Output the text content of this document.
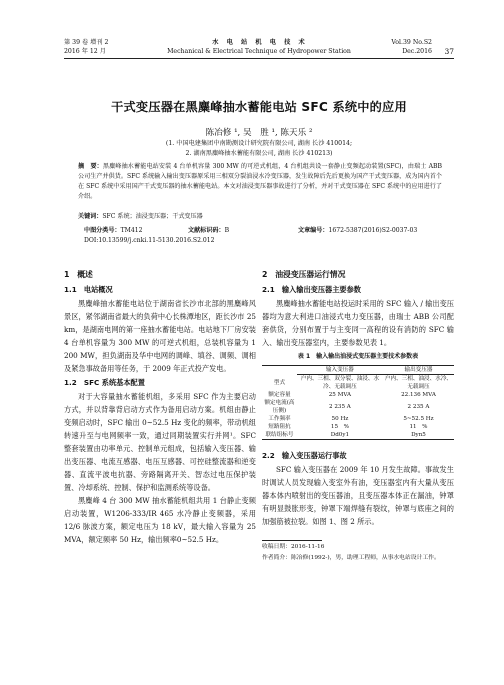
第 39 卷 增刊 2	水　电　站　机　电　技　术	Vol.39 No.S2
2016 年 12 月	Mechanical & Electrical Technique of Hydropower Station	Dec.2016 37
干式变压器在黑麋峰抽水蓄能电站 SFC 系统中的应用
陈冶修 ¹, 吴　胜 ¹, 陈天乐 ²
(1. 中国电建集团中南勘测设计研究院有限公司, 湖南 长沙 410014;
2. 湖南黑麋峰抽水蓄能有限公司, 湖南 长沙 410213)
摘　要：黑麋峰抽水蓄能电站安装 4 台单机容量 300 MW 的可逆式机组，4 台机组共设一套静止变频起动装置(SFC)，由瑞士 ABB 公司生产并供货。SFC 系统输入输出变压器原采用三相双分裂油浸水冷变压器，发生故障后先后更换为国产干式变压器，成为国内首个在 SFC 系统中采用国产干式变压器的抽水蓄能电站。本文对油浸变压器事故进行了分析，并对干式变压器在 SFC 系统中的应用进行了介绍。
关键词：SFC 系统；油浸变压器；干式变压器
中图分类号：TM412	文献标识码：B	文章编号：1672-5387(2016)S2-0037-03
DOI:10.13599/j.cnki.11-5130.2016.S2.012
1　概述
1.1　电站概况
黑麋峰抽水蓄能电站位于湖南省长沙市北部的黑麋峰风景区，紧邻湖南省最大的负荷中心长株潭地区，距长沙市 25 km，是湖南电网的第一座抽水蓄能电站。电站地下厂房安装 4 台单机容量为 300 MW 的可逆式机组，总装机容量为 1 200 MW，担负湖南及华中电网的调峰、填谷、调频、调相及紧急事故备用等任务，于 2009 年正式投产发电。
1.2　SFC 系统基本配置
对于大容量抽水蓄能机组，多采用 SFC 作为主要启动方式，并以背靠背启动方式作为备用启动方案。机组由静止变频启动时，SFC 输出 0~52.5 Hz 变化的频率，带动机组转速升至与电网频率一致，通过同期装置实行并网¹。SFC 整套装置由功率单元、控制单元组成，包括输入变压器、输出变压器、电流互感器、电压互感器、可控硅整流器和逆变器、直流平波电抗器、旁路隔离开关、智态过电压保护装置、冷却系统、控制、保护和监测系统等设备。
黑麋峰 4 台 300 MW 抽水蓄能机组共用 1 台静止变频启动装置，W1206-333/IR 465 水冷静止变频器，采用 12/6 脉波方案，额定电压为 18 kV，最大输入容量为 25 MVA，额定频率 50 Hz，输出频率0~52.5 Hz。
2　油浸变压器运行情况
2.1　输入输出变压器主要参数
黑麋峰抽水蓄能电站投运时采用的 SFC 输入 / 输出变压器均为意大利进口油浸式电力变压器，由瑞士 ABB 公司配套供货，分别布置于与主变同一高程的设有消防的 SFC 输入、输出变压器室内，主要参数见表 1。
表 1　输入输出油浸式变压器主要技术参数表
	输入变压器	输出变压器
型式	户内、三相、双分裂、油浸、水冷、无载调压	户内、三相、油浸、水冷、无载调压
额定容量	25 MVA	22.136 MVA
额定电流(高压侧)	2 235 A	2 235 A
工作频率	50 Hz	5~52.5 Hz
短路阻抗	15　%	11　%
联结组标号	Dd0y1	Dyn5
2.2　输入变压器运行事故
SFC 输入变压器在 2009 年 10 月发生故障。事故发生时调试人员发现输入变室外有油，变压器室内有大量从变压器本体内喷射出的变压器油，且变压器本体正在漏油，钟罩有明显鼓胀形变，钟罩下端焊缝有裂纹，钟罩与底座之间的加强筋被拉裂。如图 1、图 2 所示。
收稿日期：2016-11-16
作者简介：陈冶修(1992-)，男，助理工程师，从事水电站设计工作。
